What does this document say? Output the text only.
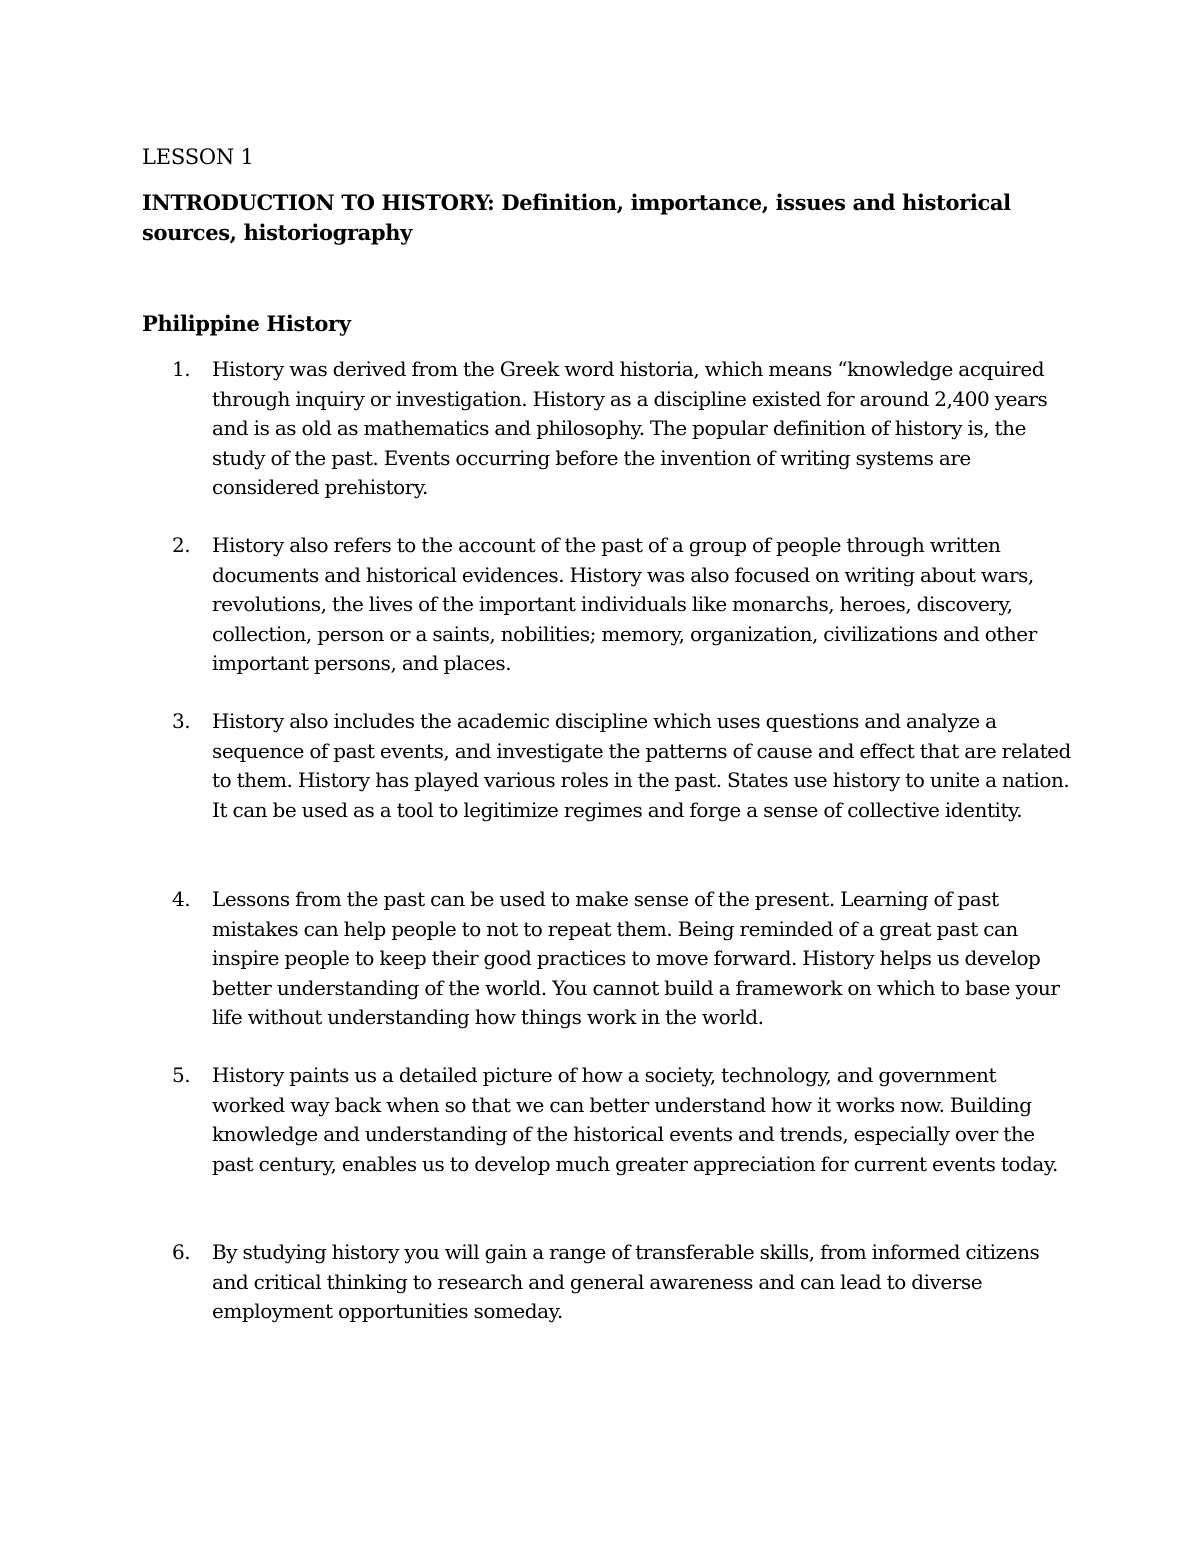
LESSON 1
INTRODUCTION TO HISTORY: Definition, importance, issues and historical sources, historiography
Philippine History
1.	History was derived from the Greek word historia, which means “knowledge acquired through inquiry or investigation. History as a discipline existed for around 2,400 years and is as old as mathematics and philosophy. The popular definition of history is, the study of the past. Events occurring before the invention of writing systems are considered prehistory.
2.	History also refers to the account of the past of a group of people through written documents and historical evidences. History was also focused on writing about wars, revolutions, the lives of the important individuals like monarchs, heroes, discovery, collection, person or a saints, nobilities; memory, organization, civilizations and other important persons, and places.
3.	History also includes the academic discipline which uses questions and analyze a sequence of past events, and investigate the patterns of cause and effect that are related to them. History has played various roles in the past. States use history to unite a nation. It can be used as a tool to legitimize regimes and forge a sense of collective identity.
4.	Lessons from the past can be used to make sense of the present. Learning of past mistakes can help people to not to repeat them. Being reminded of a great past can inspire people to keep their good practices to move forward. History helps us develop better understanding of the world. You cannot build a framework on which to base your life without understanding how things work in the world.
5.	History paints us a detailed picture of how a society, technology, and government worked way back when so that we can better understand how it works now. Building knowledge and understanding of the historical events and trends, especially over the past century, enables us to develop much greater appreciation for current events today.
6.	By studying history you will gain a range of transferable skills, from informed citizens and critical thinking to research and general awareness and can lead to diverse employment opportunities someday.
